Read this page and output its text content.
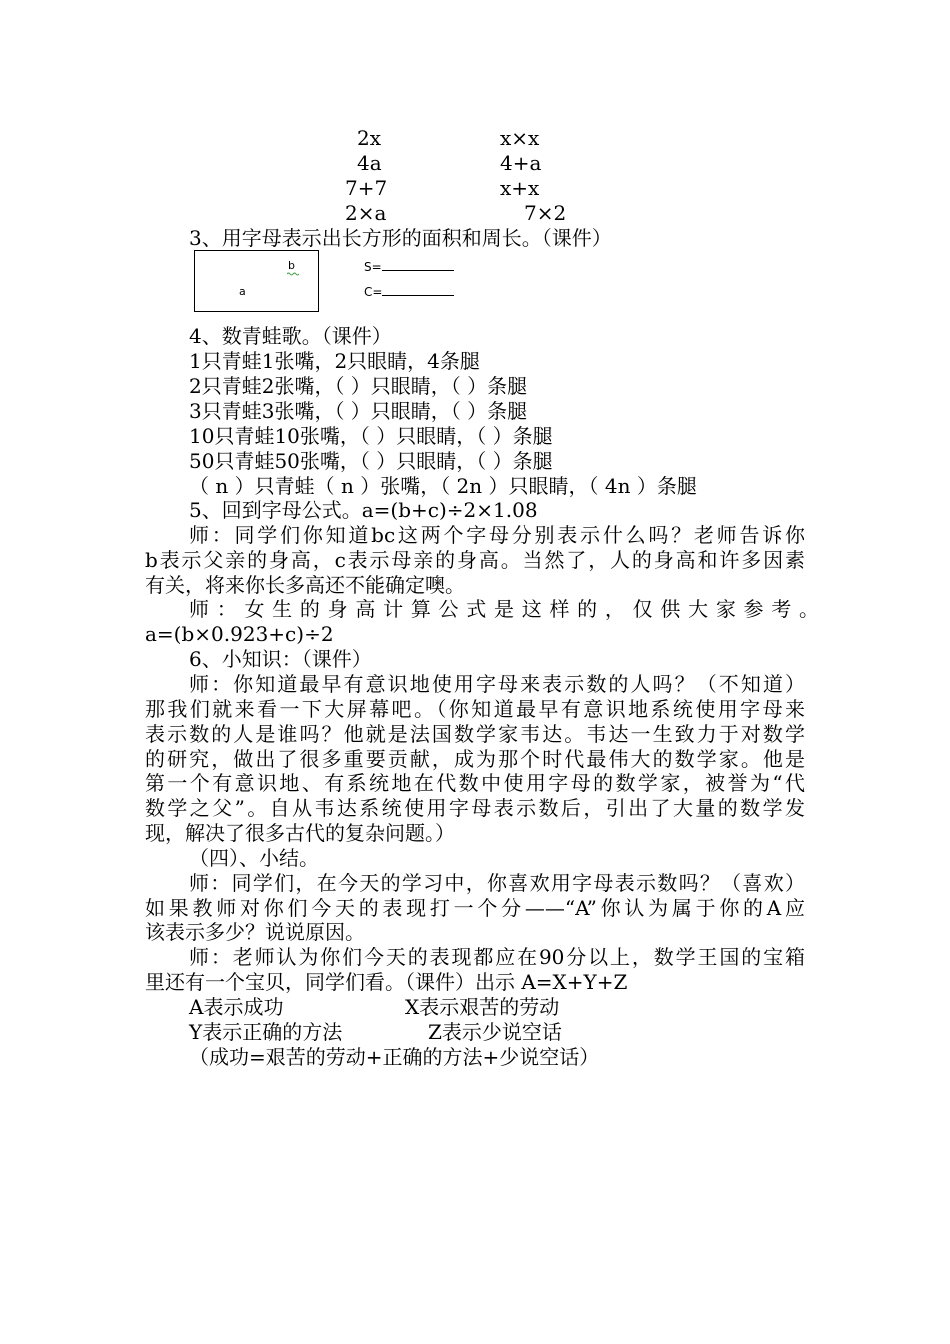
2x	x×x
4a	4+a
7+7	x+x
2×a	7×2
3、用字母表示出长方形的面积和周长。（课件）
b
a
S=
C=
4、数青蛙歌。（课件）
1只青蛙1张嘴，2只眼睛，4条腿
2只青蛙2张嘴，（ ）只眼睛，（ ）条腿
3只青蛙3张嘴，（ ）只眼睛，（ ）条腿
10只青蛙10张嘴，（ ）只眼睛，（ ）条腿
50只青蛙50张嘴，（ ）只眼睛，（ ）条腿
（ n ）只青蛙（ n ）张嘴，（ 2n ）只眼睛，（ 4n ）条腿
5、回到字母公式。a=(b+c)÷2×1.08
师：同学们你知道bc这两个字母分别表示什么吗？老师告诉你
b表示父亲的身高，c表示母亲的身高。当然了，人的身高和许多因素
有关，将来你长多高还不能确定噢。
师：女生的身高计算公式是这样的，仅供大家参考。
a=(b×0.923+c)÷2
6、小知识：（课件）
师：你知道最早有意识地使用字母来表示数的人吗？（不知道）
那我们就来看一下大屏幕吧。（你知道最早有意识地系统使用字母来
表示数的人是谁吗？他就是法国数学家韦达。韦达一生致力于对数学
的研究，做出了很多重要贡献，成为那个时代最伟大的数学家。他是
第一个有意识地、有系统地在代数中使用字母的数学家，被誉为“代
数学之父”。自从韦达系统使用字母表示数后，引出了大量的数学发
现，解决了很多古代的复杂问题。）
（四）、小结。
师：同学们，在今天的学习中，你喜欢用字母表示数吗？（喜欢）
如果教师对你们今天的表现打一个分——“A”你认为属于你的A应
该表示多少？说说原因。
师：老师认为你们今天的表现都应在90分以上，数学王国的宝箱
里还有一个宝贝，同学们看。（课件）出示 A=X+Y+Z
A表示成功	X表示艰苦的劳动
Y表示正确的方法	Z表示少说空话
（成功=艰苦的劳动+正确的方法+少说空话）
